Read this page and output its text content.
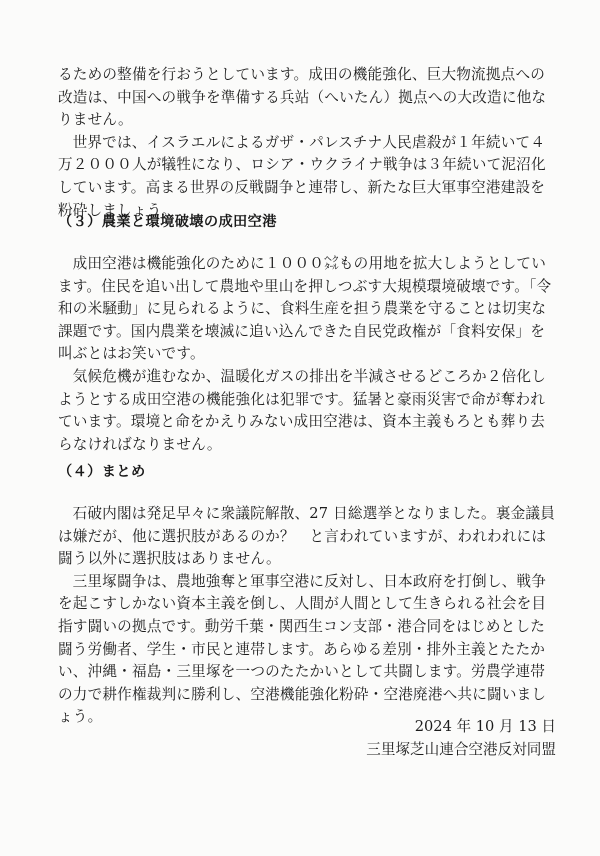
るための整備を行おうとしています。成田の機能強化、巨大物流拠点への改造は、中国への戦争を準備する兵站（へいたん）拠点への大改造に他なりません。

世界では、イスラエルによるガザ・パレスチナ人民虐殺が１年続いて４万２０００人が犠牲になり、ロシア・ウクライナ戦争は３年続いて泥沼化しています。高まる世界の反戦闘争と連帯し、新たな巨大軍事空港建設を粉砕しましょう。

（３）農業と環境破壊の成田空港

成田空港は機能強化のために１０００㌶もの用地を拡大しようとしています。住民を追い出して農地や里山を押しつぶす大規模環境破壊です。「令和の米騒動」に見られるように、食料生産を担う農業を守ることは切実な課題です。国内農業を壊滅に追い込んできた自民党政権が「食料安保」を叫ぶとはお笑いです。

気候危機が進むなか、温暖化ガスの排出を半減させるどころか２倍化しようとする成田空港の機能強化は犯罪です。猛暑と豪雨災害で命が奪われています。環境と命をかえりみない成田空港は、資本主義もろとも葬り去らなければなりません。

（４）まとめ

石破内閣は発足早々に衆議院解散、27 日総選挙となりました。裏金議員は嫌だが、他に選択肢があるのか？　と言われていますが、われわれには闘う以外に選択肢はありません。

三里塚闘争は、農地強奪と軍事空港に反対し、日本政府を打倒し、戦争を起こすしかない資本主義を倒し、人間が人間として生きられる社会を目指す闘いの拠点です。動労千葉・関西生コン支部・港合同をはじめとした闘う労働者、学生・市民と連帯します。あらゆる差別・排外主義とたたかい、沖縄・福島・三里塚を一つのたたかいとして共闘します。労農学連帯の力で耕作権裁判に勝利し、空港機能強化粉砕・空港廃港へ共に闘いましょう。

2024 年 10 月 13 日
三里塚芝山連合空港反対同盟
